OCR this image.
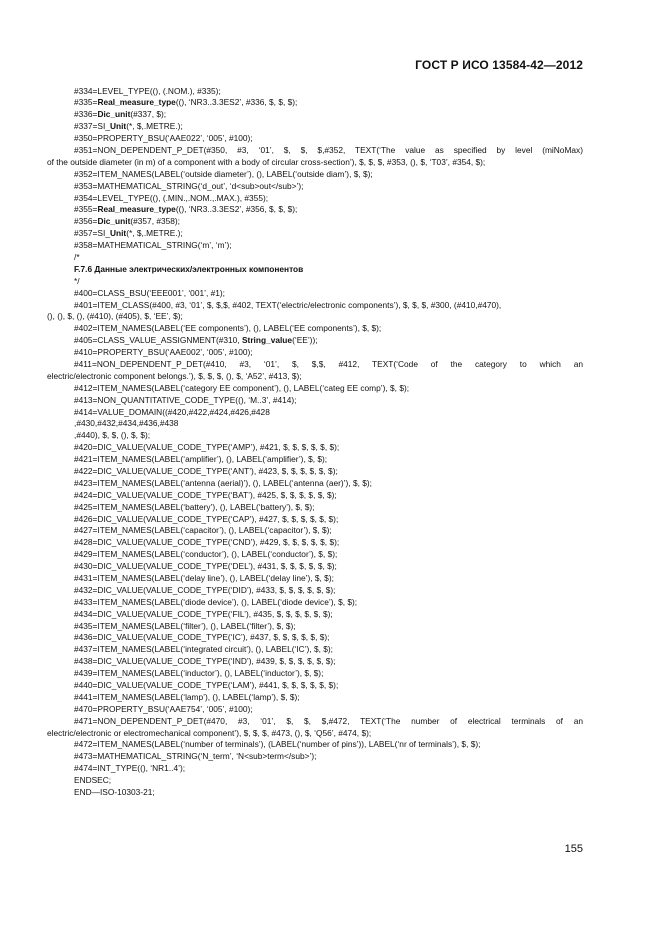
ГОСТ Р ИСО 13584-42—2012
#334=LEVEL_TYPE((), (.NOM.), #335);
#335=Real_measure_type((), ‘NR3..3.3ES2’, #336, $, $, $);
#336=Dic_unit(#337, $);
#337=SI_Unit(*, $,.METRE.);
#350=PROPERTY_BSU(‘AAE022’, ‘005’, #100);
#351=NON_DEPENDENT_P_DET(#350, #3, ‘01’, $, $, $,#352, TEXT(‘The value as specified by level (miNoMax)
of the outside diameter (in m) of a component with a body of circular cross-section’), $, $, $, #353, (), $, ‘T03’, #354, $);
#352=ITEM_NAMES(LABEL(‘outside diameter’), (), LABEL(‘outside diam’), $, $);
#353=MATHEMATICAL_STRING(‘d_out’, ‘d<sub>out</sub>’);
#354=LEVEL_TYPE((), (.MIN.,.NOM.,.MAX.), #355);
#355=Real_measure_type((), ‘NR3..3.3ES2’, #356, $, $, $);
#356=Dic_unit(#357, #358);
#357=SI_Unit(*, $,.METRE.);
#358=MATHEMATICAL_STRING(‘m’, ‘m’);
/*
F.7.6 Данные электрических/электронных компонентов
*/
#400=CLASS_BSU(‘EEE001’, ‘001’, #1);
#401=ITEM_CLASS(#400, #3, ‘01’, $, $,$, #402, TEXT(‘electric/electronic components’), $, $, $, #300, (#410,#470),
(), (), $, (), (#410), (#405), $, ‘EE’, $);
#402=ITEM_NAMES(LABEL(‘EE components’), (), LABEL(‘EE components’), $, $);
#405=CLASS_VALUE_ASSIGNMENT(#310, String_value(‘EE’));
#410=PROPERTY_BSU(‘AAE002’, ‘005’, #100);
#411=NON_DEPENDENT_P_DET(#410, #3, ‘01’, $, $,$, #412, TEXT(‘Code of the category to which an
electric/electronic component belongs.’), $, $, $, (), $, ‘A52’, #413, $);
#412=ITEM_NAMES(LABEL(‘category EE component’), (), LABEL(‘categ EE comp’), $, $);
#413=NON_QUANTITATIVE_CODE_TYPE((), ‘M..3’, #414);
#414=VALUE_DOMAIN((#420,#422,#424,#426,#428
,#430,#432,#434,#436,#438
,#440), $, $, (), $, $);
#420=DIC_VALUE(VALUE_CODE_TYPE(‘AMP’), #421, $, $, $, $, $, $);
#421=ITEM_NAMES(LABEL(‘amplifier’), (), LABEL(‘amplifier’), $, $);
#422=DIC_VALUE(VALUE_CODE_TYPE(‘ANT’), #423, $, $, $, $, $, $);
#423=ITEM_NAMES(LABEL(‘antenna (aerial)’), (), LABEL(‘antenna (aer)’), $, $);
#424=DIC_VALUE(VALUE_CODE_TYPE(‘BAT’), #425, $, $, $, $, $, $);
#425=ITEM_NAMES(LABEL(‘battery’), (), LABEL(‘battery’), $, $);
#426=DIC_VALUE(VALUE_CODE_TYPE(‘CAP’), #427, $, $, $, $, $, $);
#427=ITEM_NAMES(LABEL(‘capacitor’), (), LABEL(‘capacitor’), $, $);
#428=DIC_VALUE(VALUE_CODE_TYPE(‘CND’), #429, $, $, $, $, $, $);
#429=ITEM_NAMES(LABEL(‘conductor’), (), LABEL(‘conductor’), $, $);
#430=DIC_VALUE(VALUE_CODE_TYPE(‘DEL’), #431, $, $, $, $, $, $);
#431=ITEM_NAMES(LABEL(‘delay line’), (), LABEL(‘delay line’), $, $);
#432=DIC_VALUE(VALUE_CODE_TYPE(‘DID’), #433, $, $, $, $, $, $);
#433=ITEM_NAMES(LABEL(‘diode device’), (), LABEL(‘diode device’), $, $);
#434=DIC_VALUE(VALUE_CODE_TYPE(‘FIL’), #435, $, $, $, $, $, $);
#435=ITEM_NAMES(LABEL(‘filter’), (), LABEL(‘filter’), $, $);
#436=DIC_VALUE(VALUE_CODE_TYPE(‘IC’), #437, $, $, $, $, $, $);
#437=ITEM_NAMES(LABEL(‘integrated circuit’), (), LABEL(‘IC’), $, $);
#438=DIC_VALUE(VALUE_CODE_TYPE(‘IND’), #439, $, $, $, $, $, $);
#439=ITEM_NAMES(LABEL(‘inductor’), (), LABEL(‘inductor’), $, $);
#440=DIC_VALUE(VALUE_CODE_TYPE(‘LAM’), #441, $, $, $, $, $, $);
#441=ITEM_NAMES(LABEL(‘lamp’), (), LABEL(‘lamp’), $, $);
#470=PROPERTY_BSU(‘AAE754’, ‘005’, #100);
#471=NON_DEPENDENT_P_DET(#470, #3, ‘01’, $, $, $,#472, TEXT(‘The number of electrical terminals of an
electric/electronic or electromechanical component’), $, $, $, #473, (), $, ‘Q56’, #474, $);
#472=ITEM_NAMES(LABEL(‘number of terminals’), (LABEL(‘number of pins’)), LABEL(‘nr of terminals’), $, $);
#473=MATHEMATICAL_STRING(‘N_term’, ‘N<sub>term</sub>’);
#474=INT_TYPE((), ‘NR1..4’);
ENDSEC;
END—ISO-10303-21;
155
